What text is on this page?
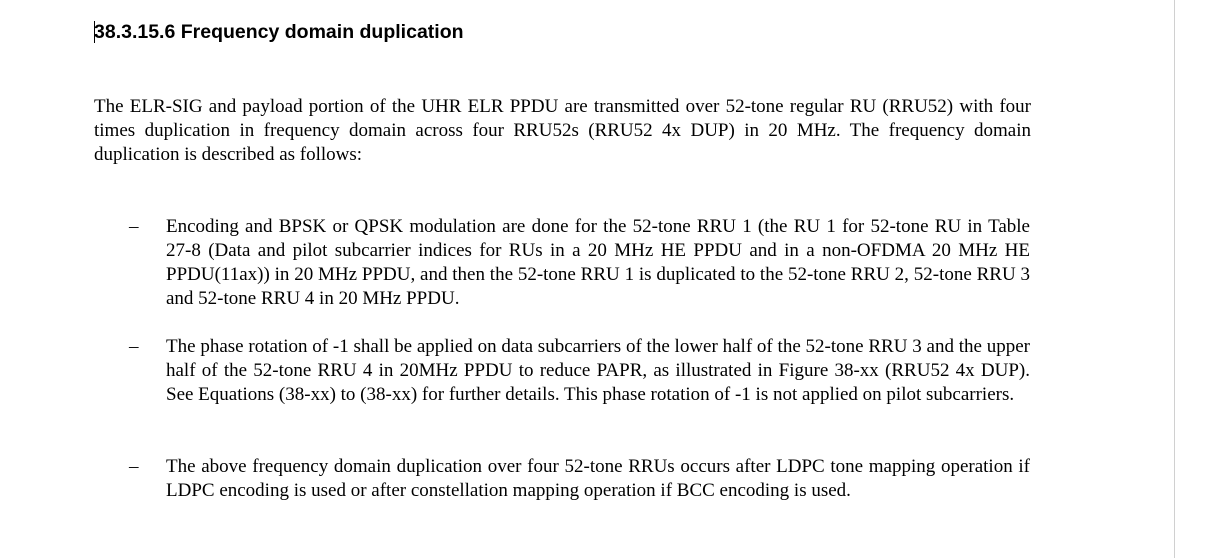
38.3.15.6 Frequency domain duplication

The ELR-SIG and payload portion of the UHR ELR PPDU are transmitted over 52-tone regular RU (RRU52) with four times duplication in frequency domain across four RRU52s (RRU52 4x DUP) in 20 MHz. The frequency domain duplication is described as follows:

– Encoding and BPSK or QPSK modulation are done for the 52-tone RRU 1 (the RU 1 for 52-tone RU in Table 27-8 (Data and pilot subcarrier indices for RUs in a 20 MHz HE PPDU and in a non-OFDMA 20 MHz HE PPDU(11ax)) in 20 MHz PPDU, and then the 52-tone RRU 1 is duplicated to the 52-tone RRU 2, 52-tone RRU 3 and 52-tone RRU 4 in 20 MHz PPDU.

– The phase rotation of -1 shall be applied on data subcarriers of the lower half of the 52-tone RRU 3 and the upper half of the 52-tone RRU 4 in 20MHz PPDU to reduce PAPR, as illustrated in Figure 38-xx (RRU52 4x DUP). See Equations (38-xx) to (38-xx) for further details. This phase rotation of -1 is not applied on pilot subcarriers.

– The above frequency domain duplication over four 52-tone RRUs occurs after LDPC tone mapping operation if LDPC encoding is used or after constellation mapping operation if BCC encoding is used.
